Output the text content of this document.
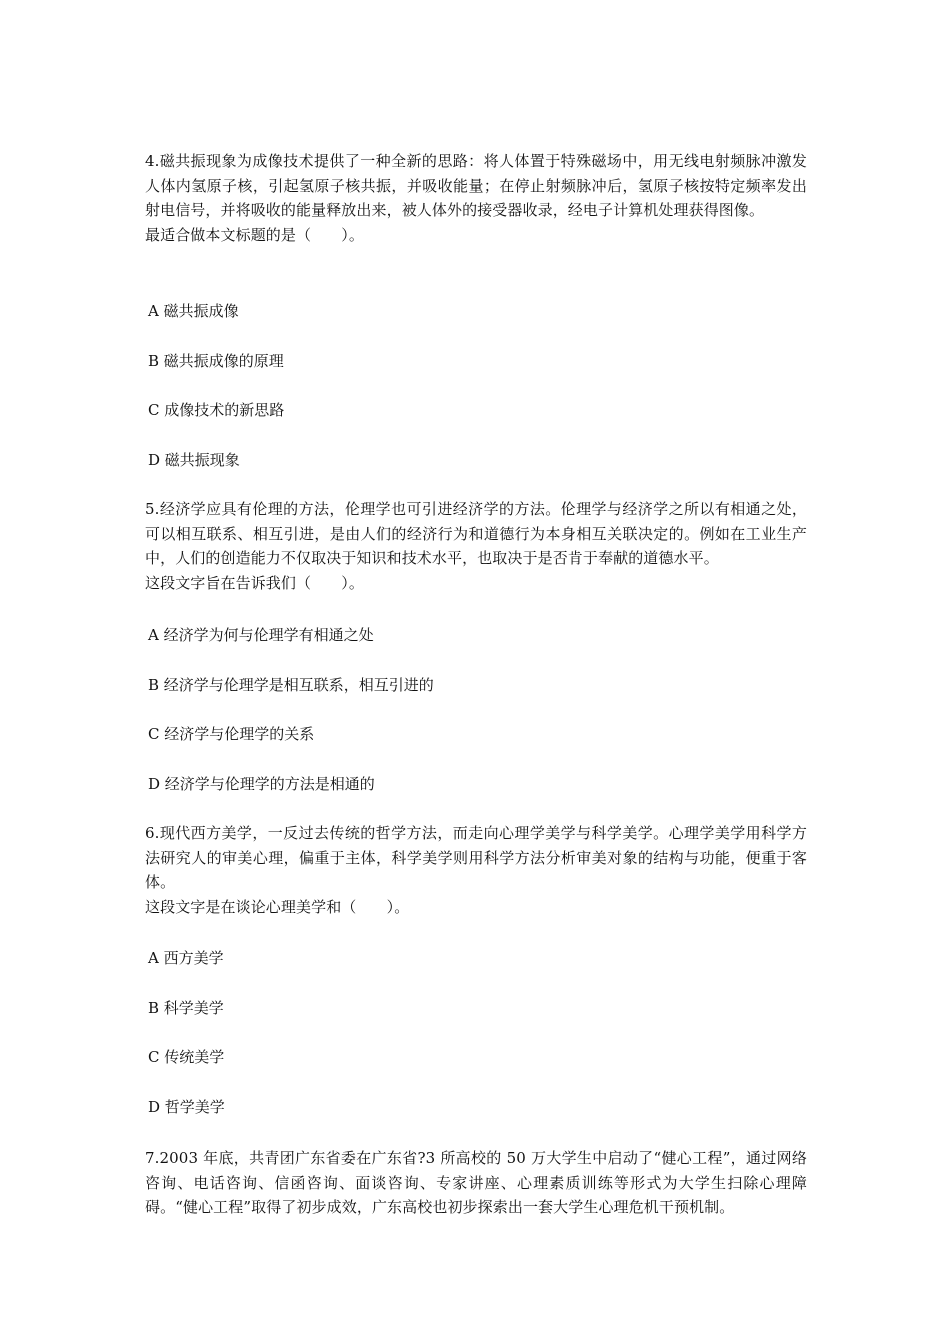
4.磁共振现象为成像技术提供了一种全新的思路：将人体置于特殊磁场中，用无线电射频脉冲激发人体内氢原子核，引起氢原子核共振，并吸收能量；在停止射频脉冲后，氢原子核按特定频率发出射电信号，并将吸收的能量释放出来，被人体外的接受器收录，经电子计算机处理获得图像。

最适合做本文标题的是（　　）。

A 磁共振成像
B 磁共振成像的原理
C 成像技术的新思路
D 磁共振现象

5.经济学应具有伦理的方法，伦理学也可引进经济学的方法。伦理学与经济学之所以有相通之处，可以相互联系、相互引进，是由人们的经济行为和道德行为本身相互关联决定的。例如在工业生产中，人们的创造能力不仅取决于知识和技术水平，也取决于是否肯于奉献的道德水平。

这段文字旨在告诉我们（　　）。

A 经济学为何与伦理学有相通之处
B 经济学与伦理学是相互联系，相互引进的
C 经济学与伦理学的关系
D 经济学与伦理学的方法是相通的

6.现代西方美学，一反过去传统的哲学方法，而走向心理学美学与科学美学。心理学美学用科学方法研究人的审美心理，偏重于主体，科学美学则用科学方法分析审美对象的结构与功能，便重于客体。

这段文字是在谈论心理美学和（　　）。

A 西方美学
B 科学美学
C 传统美学
D 哲学美学

7.2003 年底，共青团广东省委在广东省?3 所高校的 50 万大学生中启动了“健心工程”，通过网络咨询、电话咨询、信函咨询、面谈咨询、专家讲座、心理素质训练等形式为大学生扫除心理障碍。“健心工程”取得了初步成效，广东高校也初步探索出一套大学生心理危机干预机制。
